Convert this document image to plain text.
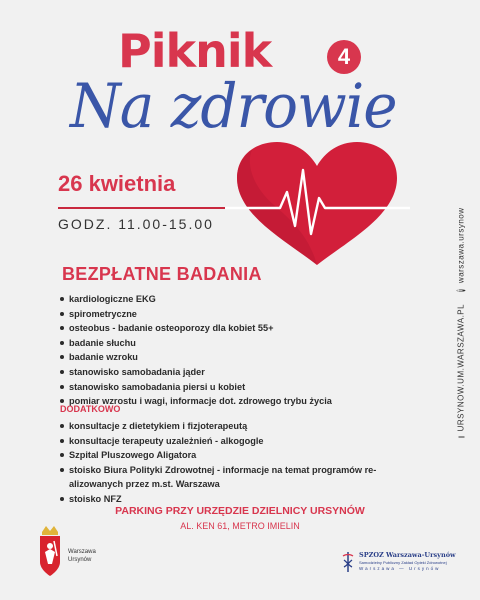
Piknik	4
Na zdrowie
26 kwietnia
GODZ. 11.00-15.00
URSYNOW.UM.WARSZAWA.PL
f
warszawa.ursynow
BEZPŁATNE BADANIA
kardiologiczne EKG
spirometryczne
osteobus - badanie osteoporozy dla kobiet 55+
badanie słuchu
badanie wzroku
stanowisko samobadania jąder
stanowisko samobadania piersi u kobiet
pomiar wzrostu i wagi, informacje dot. zdrowego trybu życia
DODATKOWO
konsultacje z dietetykiem i fizjoterapeutą
konsultacje terapeuty uzależnień - alkogogle
Szpital Pluszowego Aligatora
stoisko Biura Polityki Zdrowotnej - informacje na temat programów re-alizowanych przez m.st. Warszawa
stoisko NFZ
PARKING PRZY URZĘDZIE DZIELNICY URSYNÓW
AL. KEN 61, METRO IMIELIN
Warszawa
Ursynów
SPZOZ Warszawa-Ursynów
Samodzielny Publiczny Zakład Opieki Zdrowotnej
Warszawa — Ursynów
